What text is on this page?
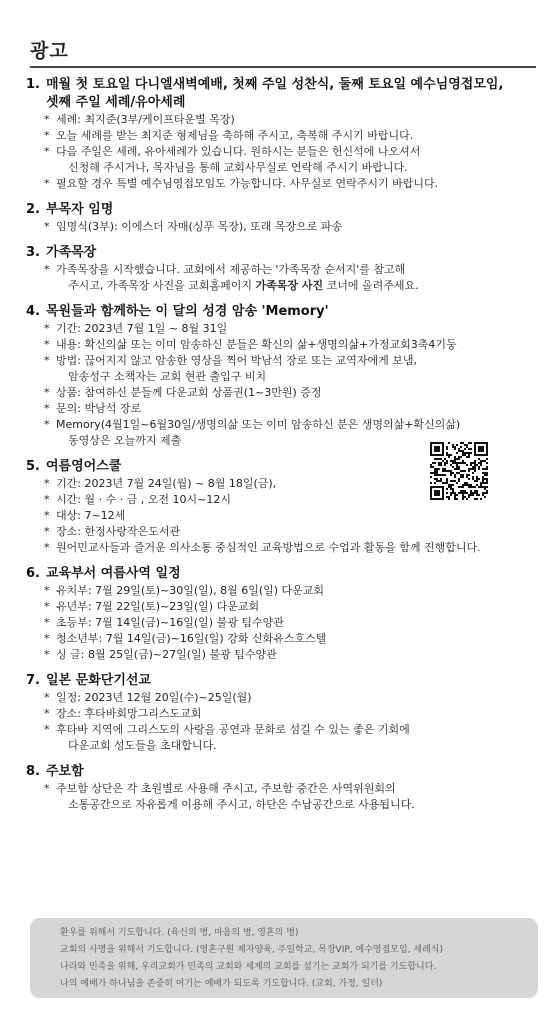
광고
1. 매월 첫 토요일 다니엘새벽예배, 첫째 주일 성찬식, 둘째 토요일 예수님영접모임,
셋째 주일 세례/유아세례
* 세례: 최지준(3부/케이프타운별 목장)
* 오늘 세례를 받는 최지준 형제님을 축하해 주시고, 축복해 주시기 바랍니다.
* 다음 주일은 세례, 유아세례가 있습니다. 원하시는 분들은 헌신석에 나오셔서
신청해 주시거나, 목자님을 통해 교회사무실로 연락해 주시기 바랍니다.
* 필요할 경우 특별 예수님영접모임도 가능합니다. 사무실로 연락주시기 바랍니다.
2. 부목자 임명
* 임명식(3부): 이에스더 자매(싱푸 목장), 또래 목장으로 파송
3. 가족목장
* 가족목장을 시작했습니다. 교회에서 제공하는 '가족목장 순서지'를 참고해
주시고, 가족목장 사진을 교회홈페이지 가족목장 사진 코너에 올려주세요.
4. 목원들과 함께하는 이 달의 성경 암송 'Memory'
* 기간: 2023년 7월 1일 ~ 8월 31일
* 내용: 확신의삶 또는 이미 암송하신 분들은 확신의 삶+생명의삶+가정교회3축4기둥
* 방법: 끊어지지 않고 암송한 영상을 찍어 박남석 장로 또는 교역자에게 보냄,
암송성구 소책자는 교회 현관 출입구 비치
* 상품: 참여하신 분들께 다운교회 상품권(1~3만원) 증정
* 문의: 박남석 장로
* Memory(4월1일~6월30일/생명의삶 또는 이미 암송하신 분은 생명의삶+확신의삶)
동영상은 오늘까지 제출
5. 여름영어스쿨
* 기간: 2023년 7월 24일(월) ~ 8월 18일(금),
* 시간: 월 · 수 · 금 , 오전 10시~12시
* 대상: 7~12세
* 장소: 한정사랑작은도서관
* 원어민교사들과 즐거운 의사소통 중심적인 교육방법으로 수업과 활동을 함께 진행합니다.
6. 교육부서 여름사역 일정
* 유치부: 7월 29일(토)~30일(일), 8월 6일(일) 다운교회
* 유년부: 7월 22일(토)~23일(일) 다운교회
* 초등부: 7월 14일(금)~16일(일) 불광 팀수양관
* 청소년부: 7월 14일(금)~16일(일) 강화 신화유스호스텔
* 싱 글: 8월 25일(금)~27일(일) 불광 팀수양관
7. 일본 문화단기선교
* 일정: 2023년 12월 20일(수)~25일(월)
* 장소: 후타바회망그리스도교회
* 후타바 지역에 그리스도의 사랑을 공연과 문화로 섬길 수 있는 좋은 기회에
다운교회 성도들을 초대합니다.
8. 주보함
* 주보함 상단은 각 초원별로 사용해 주시고, 주보함 중간은 사역위원회의
소통공간으로 자유롭게 이용해 주시고, 하단은 수납공간으로 사용됩니다.
환우를 위해서 기도합니다. (육신의 병, 마음의 병, 영혼의 병)
교회의 사명을 위해서 기도합니다. (영혼구원 제자양육, 주일학교, 목장VIP, 예수영접모임, 세례식)
나라와 민족을 위해, 우리교회가 민족의 교회와 세계의 교회를 섬기는 교회가 되기를 기도합니다.
나의 예배가 하나님을 존중히 여기는 예배가 되도록 기도합니다. (교회, 가정, 일터)
